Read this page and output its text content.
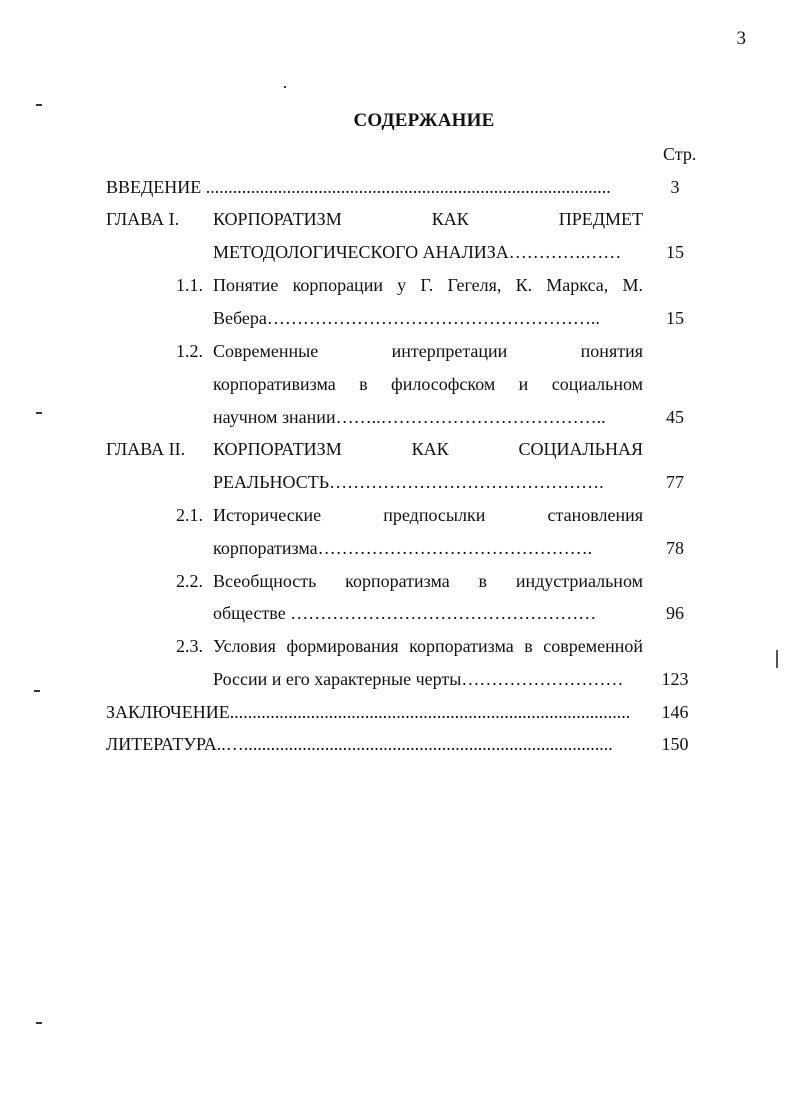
3
СОДЕРЖАНИЕ
Стр.
ВВЕДЕНИЕ ..........................................................................................	3
ГЛАВА I. КОРПОРАТИЗМ	КАК	ПРЕДМЕТ
МЕТОДОЛОГИЧЕСКОГО АНАЛИЗА………….……	15
1.1. Понятие корпорации у Г. Гегеля, К. Маркса, М.
Вебера………………………………………………..	15
1.2. Современные	интерпретации	понятия
корпоративизма в философском и социальном
научном знании……..………………………………..	45
ГЛАВА II. КОРПОРАТИЗМ	КАК	СОЦИАЛЬНАЯ
РЕАЛЬНОСТЬ……………………………………….	77
2.1. Исторические	предпосылки	становления
корпоратизма……………………………………….	78
2.2. Всеобщность корпоратизма в индустриальном
обществе ……………………………………………	96
2.3. Условия формирования корпоратизма в современной
России и его характерные черты………………………	123
ЗАКЛЮЧЕНИЕ.........................................................................................	146
ЛИТЕРАТУРА..…..................................................................................	150
